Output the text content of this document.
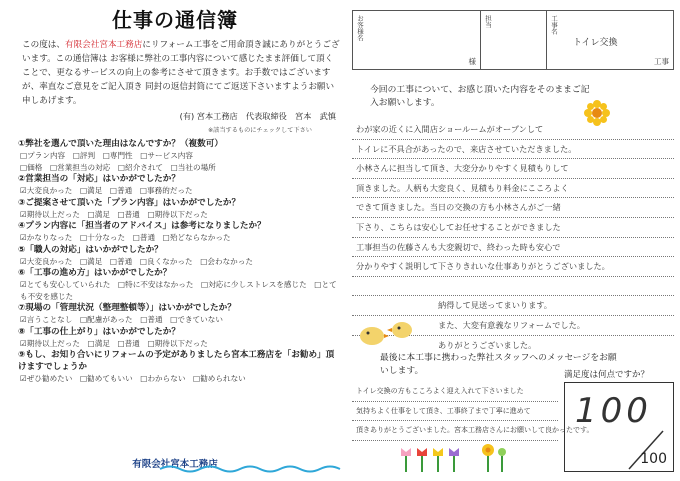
仕事の通信簿
この度は、有限会社宮本工務店にリフォーム工事をご用命頂き誠にありがとうございます。この通信簿は お客様に弊社の工事内容について感じたまま評価して頂くことで、更なるサービスの向上の参考にさせて頂きます。お手数ではございますが、率直なご意見をご記入頂き 同封の返信封筒にてご返送下さいますようお願い申しあげます。
(有) 宮本工務店　代表取締役　宮本　武慎
※該当するものにチェックして下さい
①弊社を選んで頂いた理由はなんですか？（複数可）
□プラン内容　□評判　□専門性　□サービス内容
□価格　□営業担当の対応　□紹介されて　□当社の場所
②営業担当の「対応」はいかがでしたか？
☑大変良かった　□満足　□普通　□事務的だった
③ご提案させて頂いた「プラン内容」はいかがでしたか？
☑期待以上だった　□満足　□普通　□期待以下だった
④プラン内容に「担当者のアドバイス」は参考になりましたか？
☑かなりなった　□十分なった　□普通　□殆どならなかった
⑤「職人の対応」はいかがでしたか？
☑大変良かった　□満足　□普通　□良くなかった　□会わなかった
⑥「工事の進め方」はいかがでしたか？
☑とても安心していられた　□特に不安はなかった　□対応に少しストレスを感じた　□とても不安を感じた
⑦現場の「管理状況（整理整頓等）」はいかがでしたか？
☑言うことなし　□配慮があった　□普通　□できていない
⑧「工事の仕上がり」はいかがでしたか？
☑期待以上だった　□満足　□普通　□期待以下だった
⑨もし、お知り合いにリフォームの予定がありましたら宮本工務店を「お勧め」頂けますでしょうか
☑ぜひ勧めたい　□勧めてもいい　□わからない　□勧められない
有限会社宮本工務店
お客様名
様
担当	工事名
トイレ交換
工事
今回の工事について、お感じ頂いた内容をそのままご記入お願いします。
わが家の近くに入間店ショールームがオープンして
トイレに不具合があったので、来店させていただきました。
小林さんに担当して頂き、大変分かりやすく見積もりして
頂きました。人柄も大変良く、見積もり料金にこころよく
できて頂きました。当日の交換の方も小林さんがご一緒
下さり、こちらは安心してお任せすることができました
工事担当の佐藤さんも大変親切で、終わった時も安心で
分かりやすく説明して下さりきれいな仕事ありがとうございました。
納得して見送ってまいります。
また、大変有意義なリフォームでした。
ありがとうございました。
最後に本工事に携わった弊社スタッフへのメッセージをお願いします。	満足度は何点ですか？
トイレ交換の方もこころよく迎え入れて下さいました
気持ちよく仕事をして頂き、工事終了まで丁寧に進めて
頂きありがとうございました。宮本工務店さんにお願いして良かったです。
100
100
